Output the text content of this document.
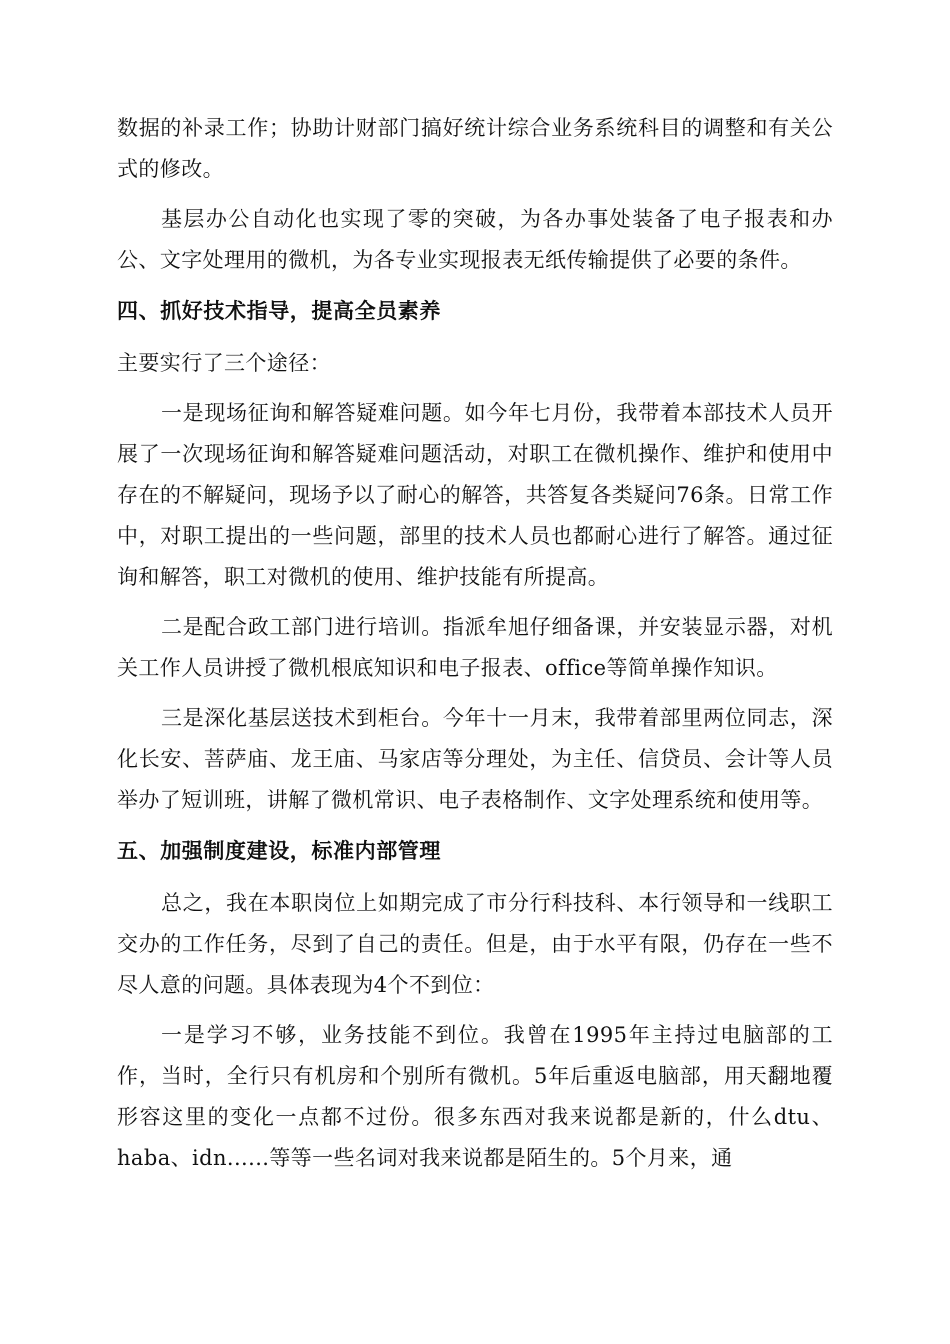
数据的补录工作；协助计财部门搞好统计综合业务系统科目的调整和有关公式的修改。

基层办公自动化也实现了零的突破，为各办事处装备了电子报表和办公、文字处理用的微机，为各专业实现报表无纸传输提供了必要的条件。

四、抓好技术指导，提高全员素养

主要实行了三个途径：

一是现场征询和解答疑难问题。如今年七月份，我带着本部技术人员开展了一次现场征询和解答疑难问题活动，对职工在微机操作、维护和使用中存在的不解疑问，现场予以了耐心的解答，共答复各类疑问76条。日常工作中，对职工提出的一些问题，部里的技术人员也都耐心进行了解答。通过征询和解答，职工对微机的使用、维护技能有所提高。

二是配合政工部门进行培训。指派牟旭仔细备课，并安装显示器，对机关工作人员讲授了微机根底知识和电子报表、office等简单操作知识。

三是深化基层送技术到柜台。今年十一月末，我带着部里两位同志，深化长安、菩萨庙、龙王庙、马家店等分理处，为主任、信贷员、会计等人员举办了短训班，讲解了微机常识、电子表格制作、文字处理系统和使用等。

五、加强制度建设，标准内部管理

总之，我在本职岗位上如期完成了市分行科技科、本行领导和一线职工交办的工作任务，尽到了自己的责任。但是，由于水平有限，仍存在一些不尽人意的问题。具体表现为4个不到位：

一是学习不够，业务技能不到位。我曾在1995年主持过电脑部的工作，当时，全行只有机房和个别所有微机。5年后重返电脑部，用天翻地覆形容这里的变化一点都不过份。很多东西对我来说都是新的，什么dtu、haba、idn......等等一些名词对我来说都是陌生的。5个月来，通
